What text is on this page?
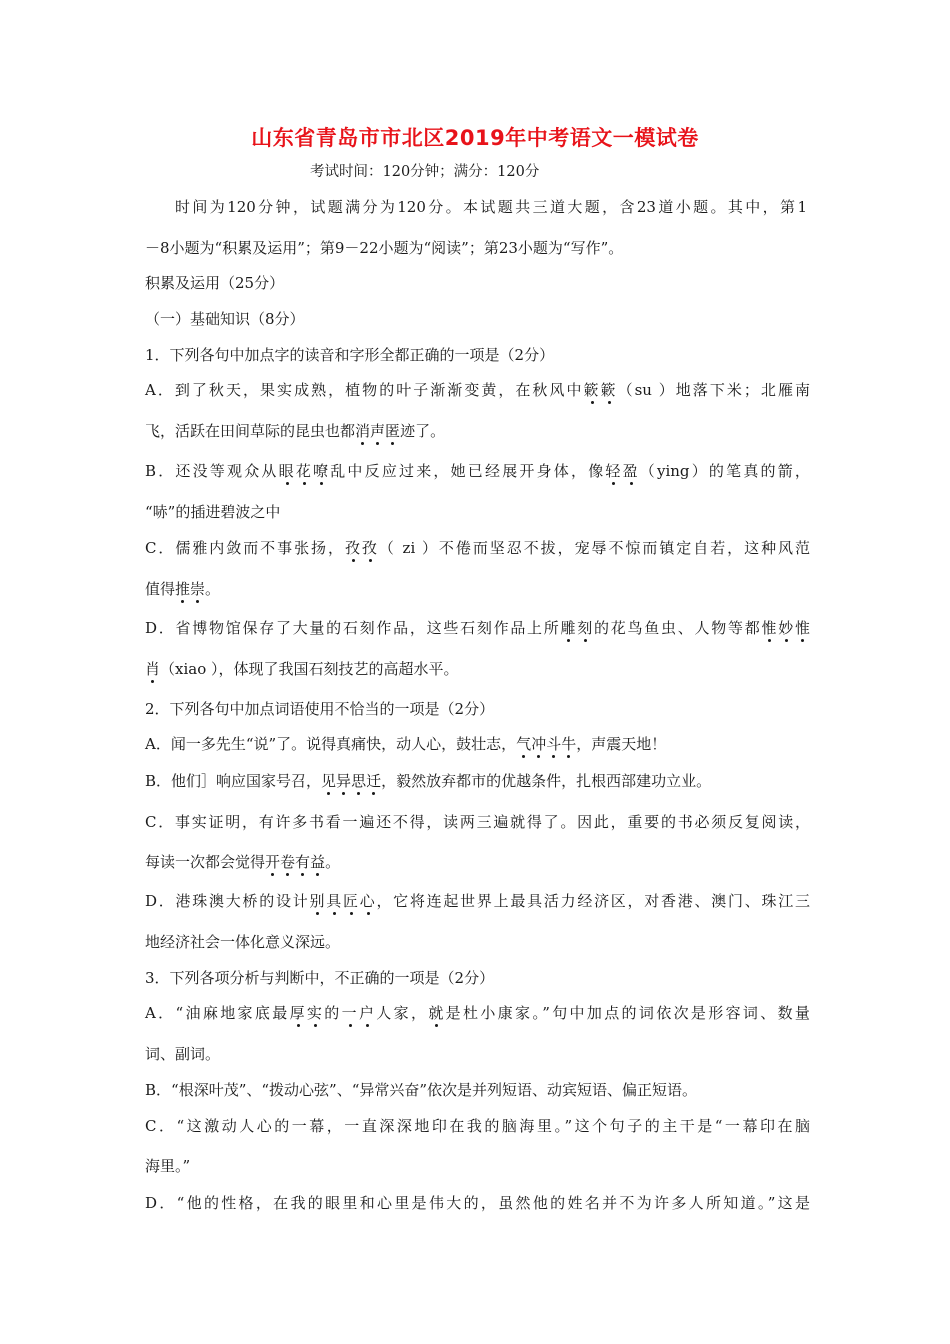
山东省青岛市市北区2019年中考语文一模试卷
考试时间：120分钟；满分：120分
时间为120分钟，试题满分为120分。本试题共三道大题，含23道小题。其中，第1
－8小题为“积累及运用”；第9－22小题为“阅读”；第23小题为“写作”。
积累及运用（25分）
（一）基础知识（8分）
1．下列各句中加点字的读音和字形全都正确的一项是（2分）
A．到了秋天，果实成熟，植物的叶子渐渐变黄，在秋风中簌簌（su ）地落下米；北雁南
飞，活跃在田间草际的昆虫也都消声匿迹了。
B．还没等观众从眼花嘹乱中反应过来，她已经展开身体，像轻盈（ying）的笔真的箭，
“哧”的插进碧波之中
C．儒雅内敛而不事张扬，孜孜（ zi ）不倦而坚忍不拔，宠辱不惊而镇定自若，这种风范
值得推崇。
D．省博物馆保存了大量的石刻作品，这些石刻作品上所雕刻的花鸟鱼虫、人物等都惟妙惟
肖（xiao ），体现了我国石刻技艺的高超水平。
2．下列各句中加点词语使用不恰当的一项是（2分）
A．闻一多先生“说”了。说得真痛快，动人心，鼓壮志，气冲斗牛，声震天地！
B．他们］响应国家号召，见异思迁，毅然放弃都市的优越条件，扎根西部建功立业。
C．事实证明，有许多书看一遍还不得，读两三遍就得了。因此，重要的书必须反复阅读，
每读一次都会觉得开卷有益。
D．港珠澳大桥的设计别具匠心，它将连起世界上最具活力经济区，对香港、澳门、珠江三
地经济社会一体化意义深远。
3．下列各项分析与判断中，不正确的一项是（2分）
A．“油麻地家底最厚实的一户人家，就是杜小康家。”句中加点的词依次是形容词、数量
词、副词。
B．“根深叶茂”、“拨动心弦”、“异常兴奋”依次是并列短语、动宾短语、偏正短语。
C．“这激动人心的一幕，一直深深地印在我的脑海里。”这个句子的主干是“一幕印在脑
海里。”
D．“他的性格，在我的眼里和心里是伟大的，虽然他的姓名并不为许多人所知道。”这是
